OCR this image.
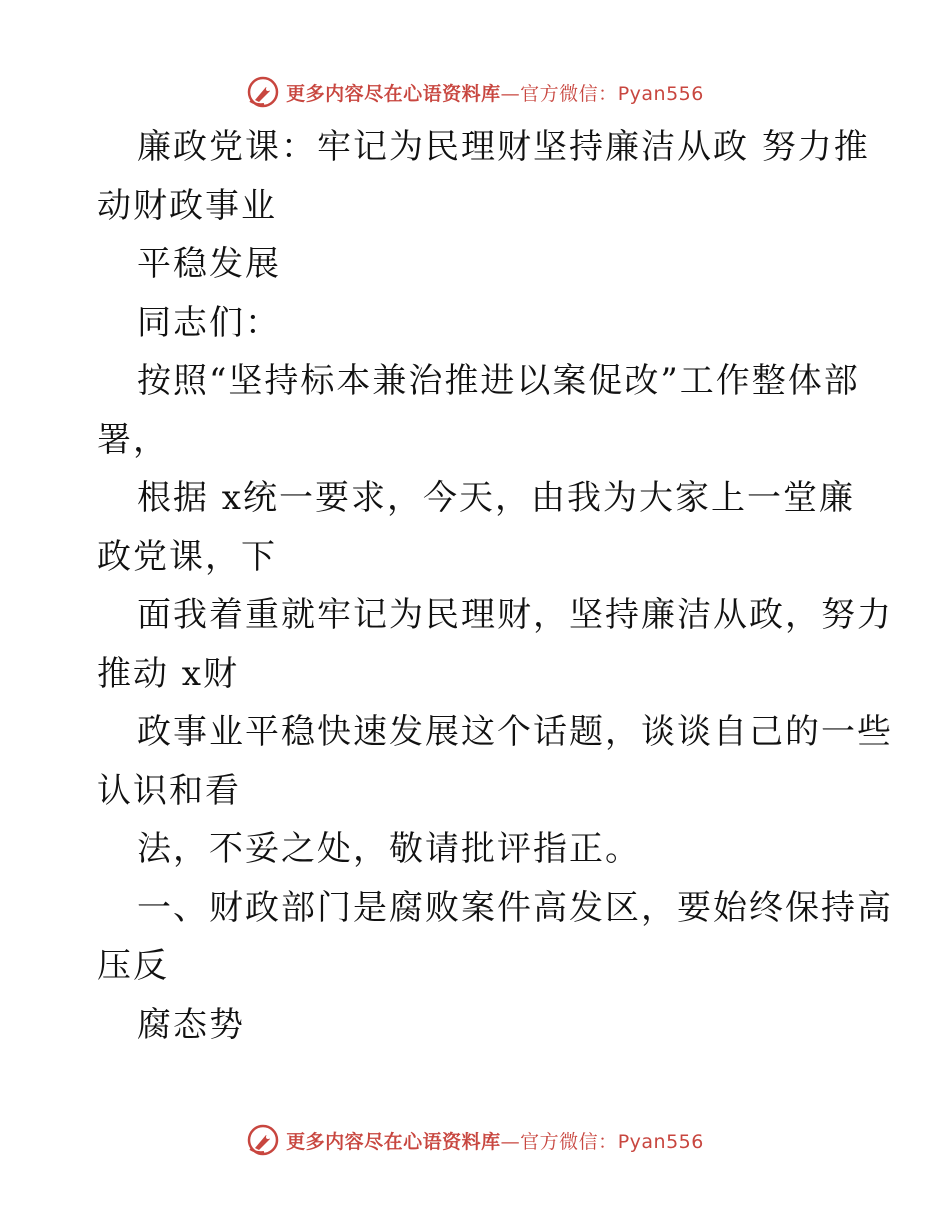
更多内容尽在心语资料库—官方微信：Pyan556
廉政党课：牢记为民理财坚持廉洁从政 努力推
动财政事业
平稳发展
同志们：
按照“坚持标本兼治推进以案促改”工作整体部
署，
根据 x统一要求，今天，由我为大家上一堂廉
政党课，下
面我着重就牢记为民理财，坚持廉洁从政，努力
推动 x财
政事业平稳快速发展这个话题，谈谈自己的一些
认识和看
法，不妥之处，敬请批评指正。
一、财政部门是腐败案件高发区，要始终保持高
压反
腐态势
更多内容尽在心语资料库—官方微信：Pyan556
